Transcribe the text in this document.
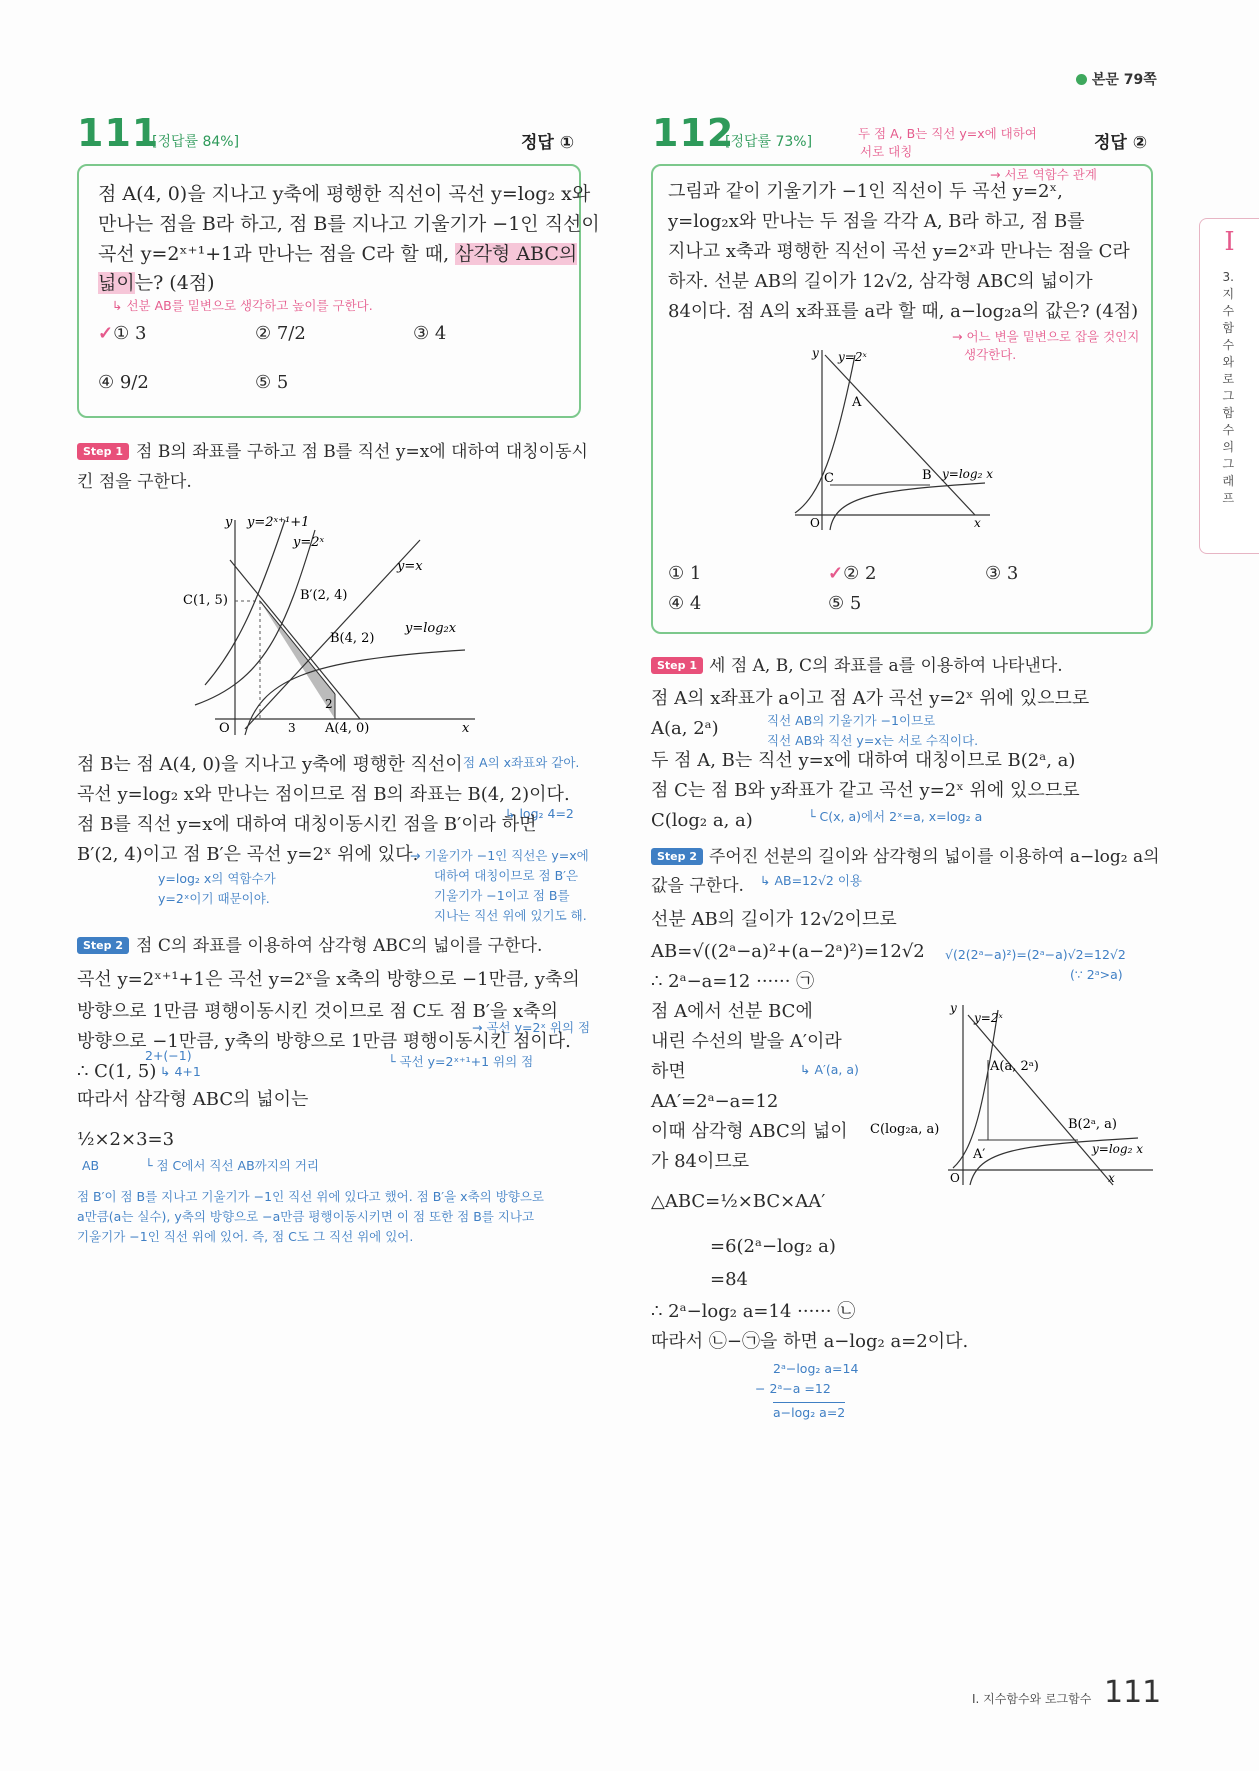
본문 79쪽
I
3.지수함수와로그함수의그래프
111
[정답률 84%]	정답 ①
점 A(4, 0)을 지나고 y축에 평행한 직선이 곡선 y=log₂ x와
만나는 점을 B라 하고, 점 B를 지나고 기울기가 −1인 직선이
곡선 y=2ˣ⁺¹+1과 만나는 점을 C라 할 때, 삼각형 ABC의
넓이는? (4점)
↳ 선분 AB를 밑변으로 생각하고 높이를 구한다.
✓① 3	② 7/2	③ 4
④ 9/2	⑤ 5
Step 1 점 B의 좌표를 구하고 점 B를 직선 y=x에 대하여 대칭이동시
킨 점을 구한다.
y y=2ˣ⁺¹+1
y=2ˣ
y=x
y=log₂x
C(1, 5)	B′(2, 4)
B(4, 2)
A(4, 0)
O	3
2
x
점 B는 점 A(4, 0)을 지나고 y축에 평행한 직선이 점 A의 x좌표와 같아.
곡선 y=log₂ x와 만나는 점이므로 점 B의 좌표는 B(4, 2)이다.
↳ log₂ 4=2
점 B를 직선 y=x에 대하여 대칭이동시킨 점을 B′이라 하면
B′(2, 4)이고 점 B′은 곡선 y=2ˣ 위에 있다.
y=log₂ x의 역함수가
y=2ˣ이기 때문이야.
→ 기울기가 −1인 직선은 y=x에
대하여 대칭이므로 점 B′은
기울기가 −1이고 점 B를
지나는 직선 위에 있기도 해.
Step 2 점 C의 좌표를 이용하여 삼각형 ABC의 넓이를 구한다.
곡선 y=2ˣ⁺¹+1은 곡선 y=2ˣ을 x축의 방향으로 −1만큼, y축의
방향으로 1만큼 평행이동시킨 것이므로 점 C도 점 B′을 x축의
→ 곡선 y=2ˣ 위의 점
방향으로 −1만큼, y축의 방향으로 1만큼 평행이동시킨 점이다.
└ 곡선 y=2ˣ⁺¹+1 위의 점
2+(−1)
∴ C(1, 5) ↳ 4+1
따라서 삼각형 ABC의 넓이는
½×2×3=3
AB	└ 점 C에서 직선 AB까지의 거리
점 B′이 점 B를 지나고 기울기가 −1인 직선 위에 있다고 했어. 점 B′을 x축의 방향으로
a만큼(a는 실수), y축의 방향으로 −a만큼 평행이동시키면 이 점 또한 점 B를 지나고
기울기가 −1인 직선 위에 있어. 즉, 점 C도 그 직선 위에 있어.
112
[정답률 73%]
두 점 A, B는 직선 y=x에 대하여
서로 대칭	정답 ②
→ 서로 역함수 관계
그림과 같이 기울기가 −1인 직선이 두 곡선 y=2ˣ,
y=log₂x와 만나는 두 점을 각각 A, B라 하고, 점 B를
지나고 x축과 평행한 직선이 곡선 y=2ˣ과 만나는 점을 C라
하자. 선분 AB의 길이가 12√2, 삼각형 ABC의 넓이가
84이다. 점 A의 x좌표를 a라 할 때, a−log₂a의 값은? (4점)
→ 어느 변을 밑변으로 잡을 것인지
생각한다.
y y=2ˣ
A
C	B y=log₂ x
O	x
① 1	✓② 2	③ 3
④ 4	⑤ 5
Step 1 세 점 A, B, C의 좌표를 a를 이용하여 나타낸다.
점 A의 x좌표가 a이고 점 A가 곡선 y=2ˣ 위에 있으므로
A(a, 2ᵃ)	직선 AB의 기울기가 −1이므로
직선 AB와 직선 y=x는 서로 수직이다.
두 점 A, B는 직선 y=x에 대하여 대칭이므로 B(2ᵃ, a)
점 C는 점 B와 y좌표가 같고 곡선 y=2ˣ 위에 있으므로
C(log₂ a, a)	└ C(x, a)에서 2ˣ=a, x=log₂ a
Step 2 주어진 선분의 길이와 삼각형의 넓이를 이용하여 a−log₂ a의
값을 구한다. ↳ AB=12√2 이용
선분 AB의 길이가 12√2이므로
AB=√((2ᵃ−a)²+(a−2ᵃ)²)=12√2 √(2(2ᵃ−a)²)=(2ᵃ−a)√2=12√2
(∵ 2ᵃ>a)
∴ 2ᵃ−a=12 ······ ㉠
점 A에서 선분 BC에
내린 수선의 발을 A′이라
하면	↳ A′(a, a)
AA′=2ᵃ−a=12
이때 삼각형 ABC의 넓이
가 84이므로
△ABC=½×BC×AA′
=6(2ᵃ−log₂ a)
=84
∴ 2ᵃ−log₂ a=14 ······ ㉡
따라서 ㉡−㉠을 하면 a−log₂ a=2이다.
2ᵃ−log₂ a=14
− 2ᵃ−a =12
a−log₂ a=2
y
y=2ˣ
A(a, 2ᵃ)
C(log₂a, a)	B(2ᵃ, a)
A′	y=log₂ x
O	x
Ⅰ. 지수함수와 로그함수 111
